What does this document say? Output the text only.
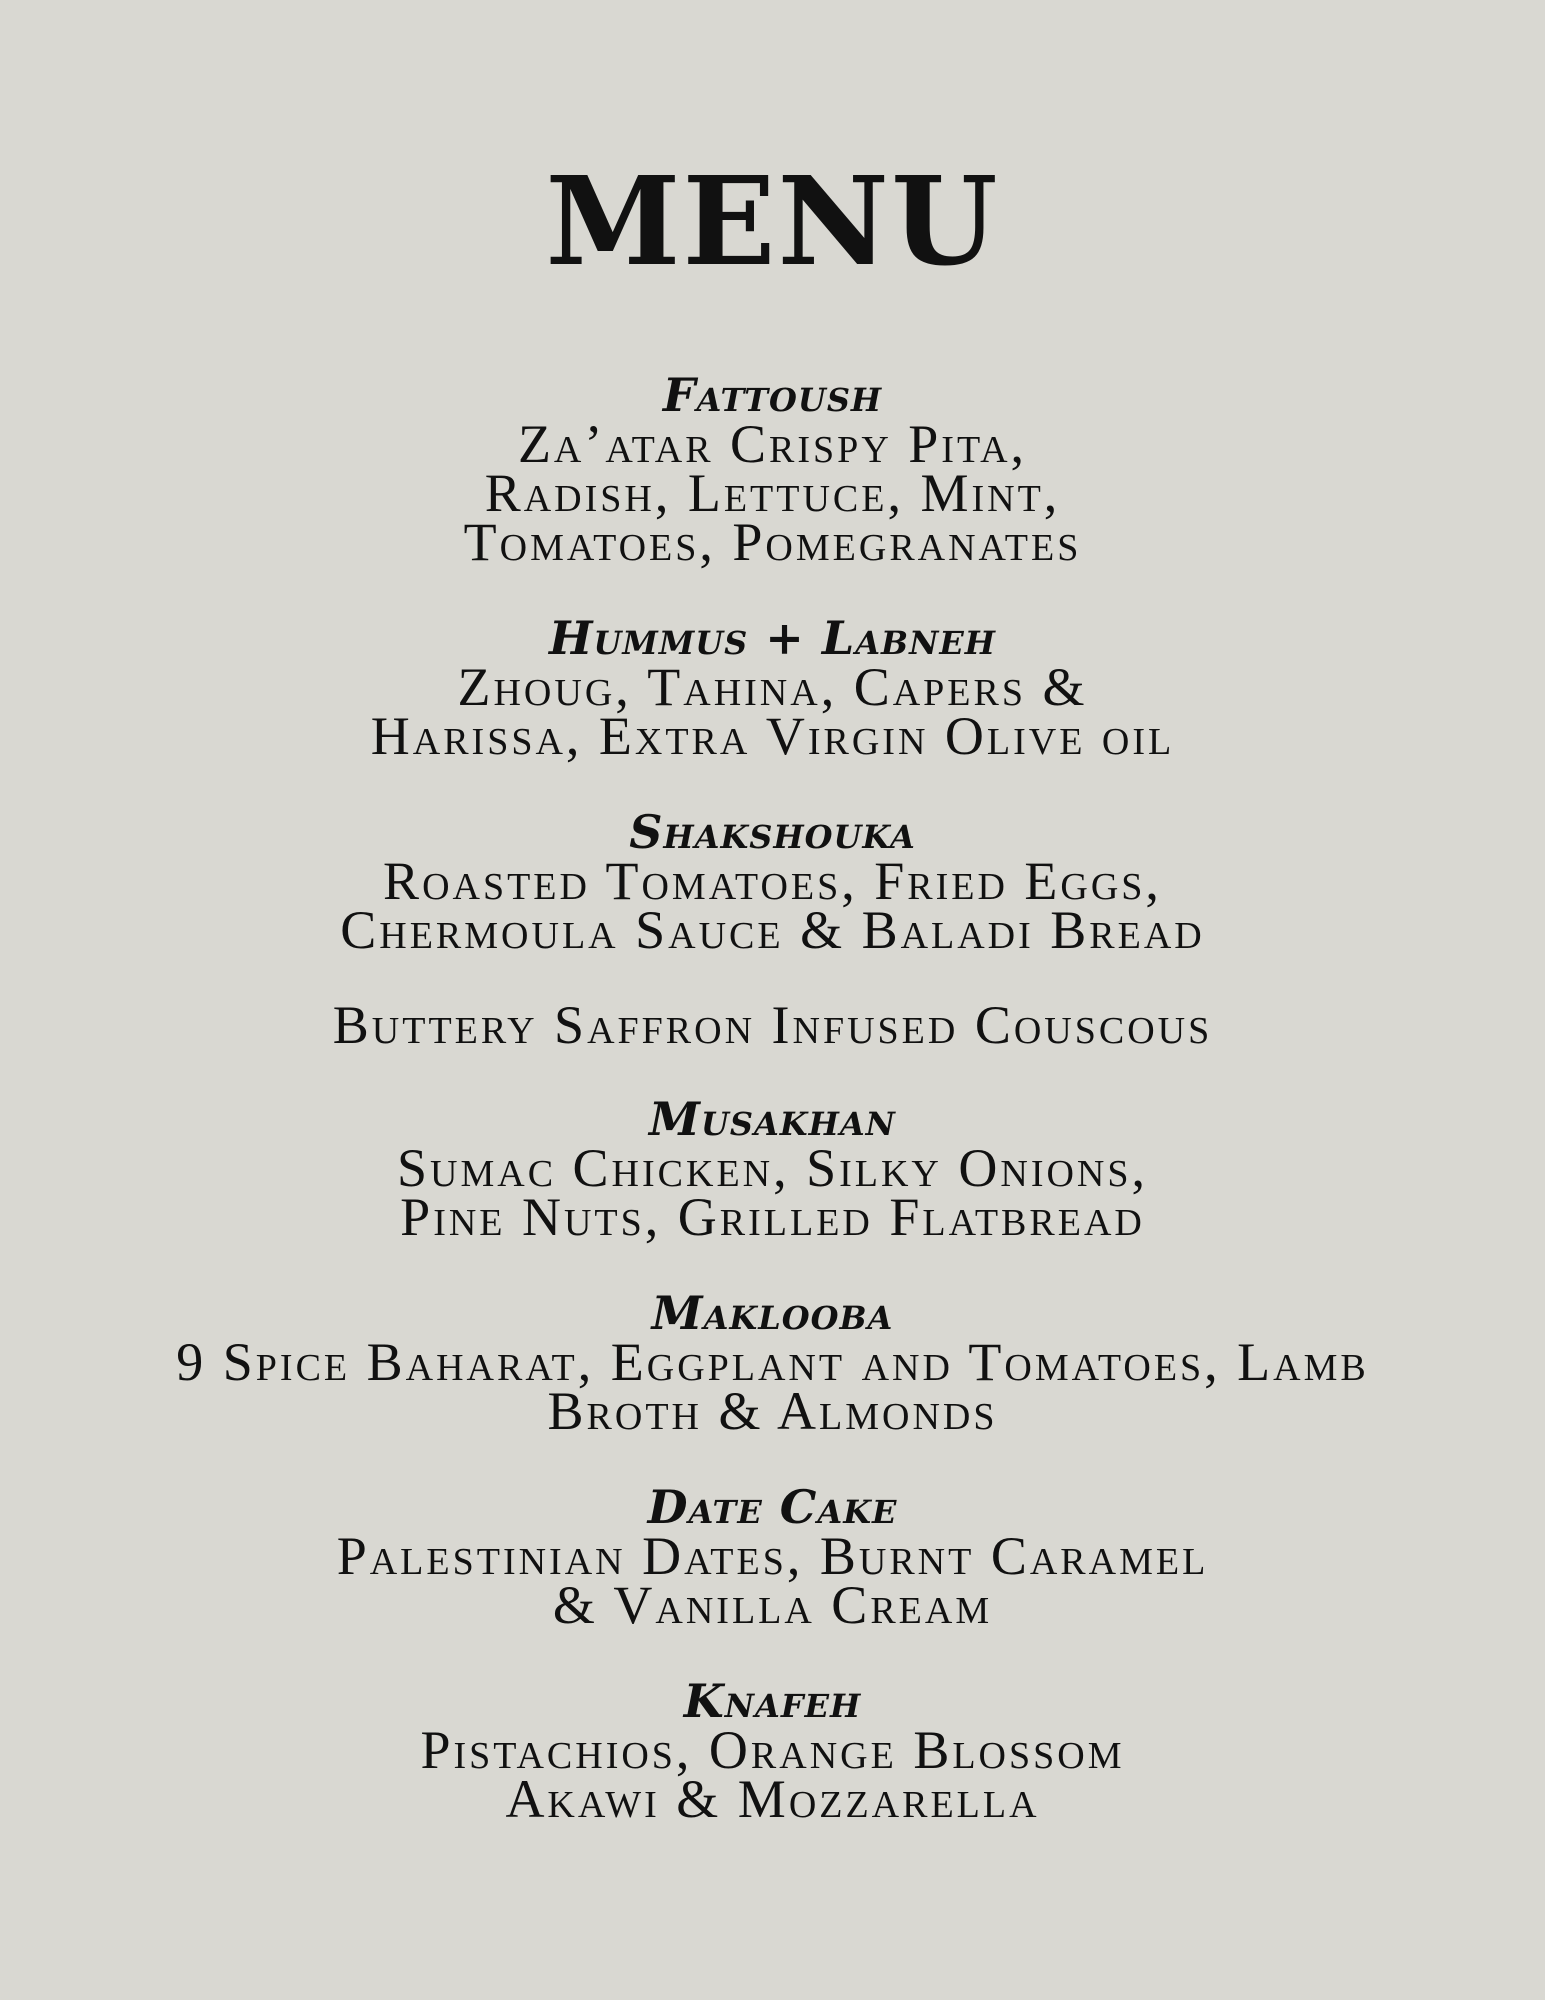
MENU
Fattoush
Za’atar Crispy Pita,
Radish, Lettuce, Mint,
Tomatoes, Pomegranates
Hummus + Labneh
Zhoug, Tahina, Capers &
Harissa, Extra Virgin Olive oil
Shakshouka
Roasted Tomatoes, Fried Eggs,
Chermoula Sauce & Baladi Bread
Buttery Saffron Infused Couscous
Musakhan
Sumac Chicken, Silky Onions,
Pine Nuts, Grilled Flatbread
Maklooba
9 Spice Baharat, Eggplant and Tomatoes, Lamb
Broth & Almonds
Date Cake
Palestinian Dates, Burnt Caramel
& Vanilla Cream
Knafeh
Pistachios, Orange Blossom
Akawi & Mozzarella
